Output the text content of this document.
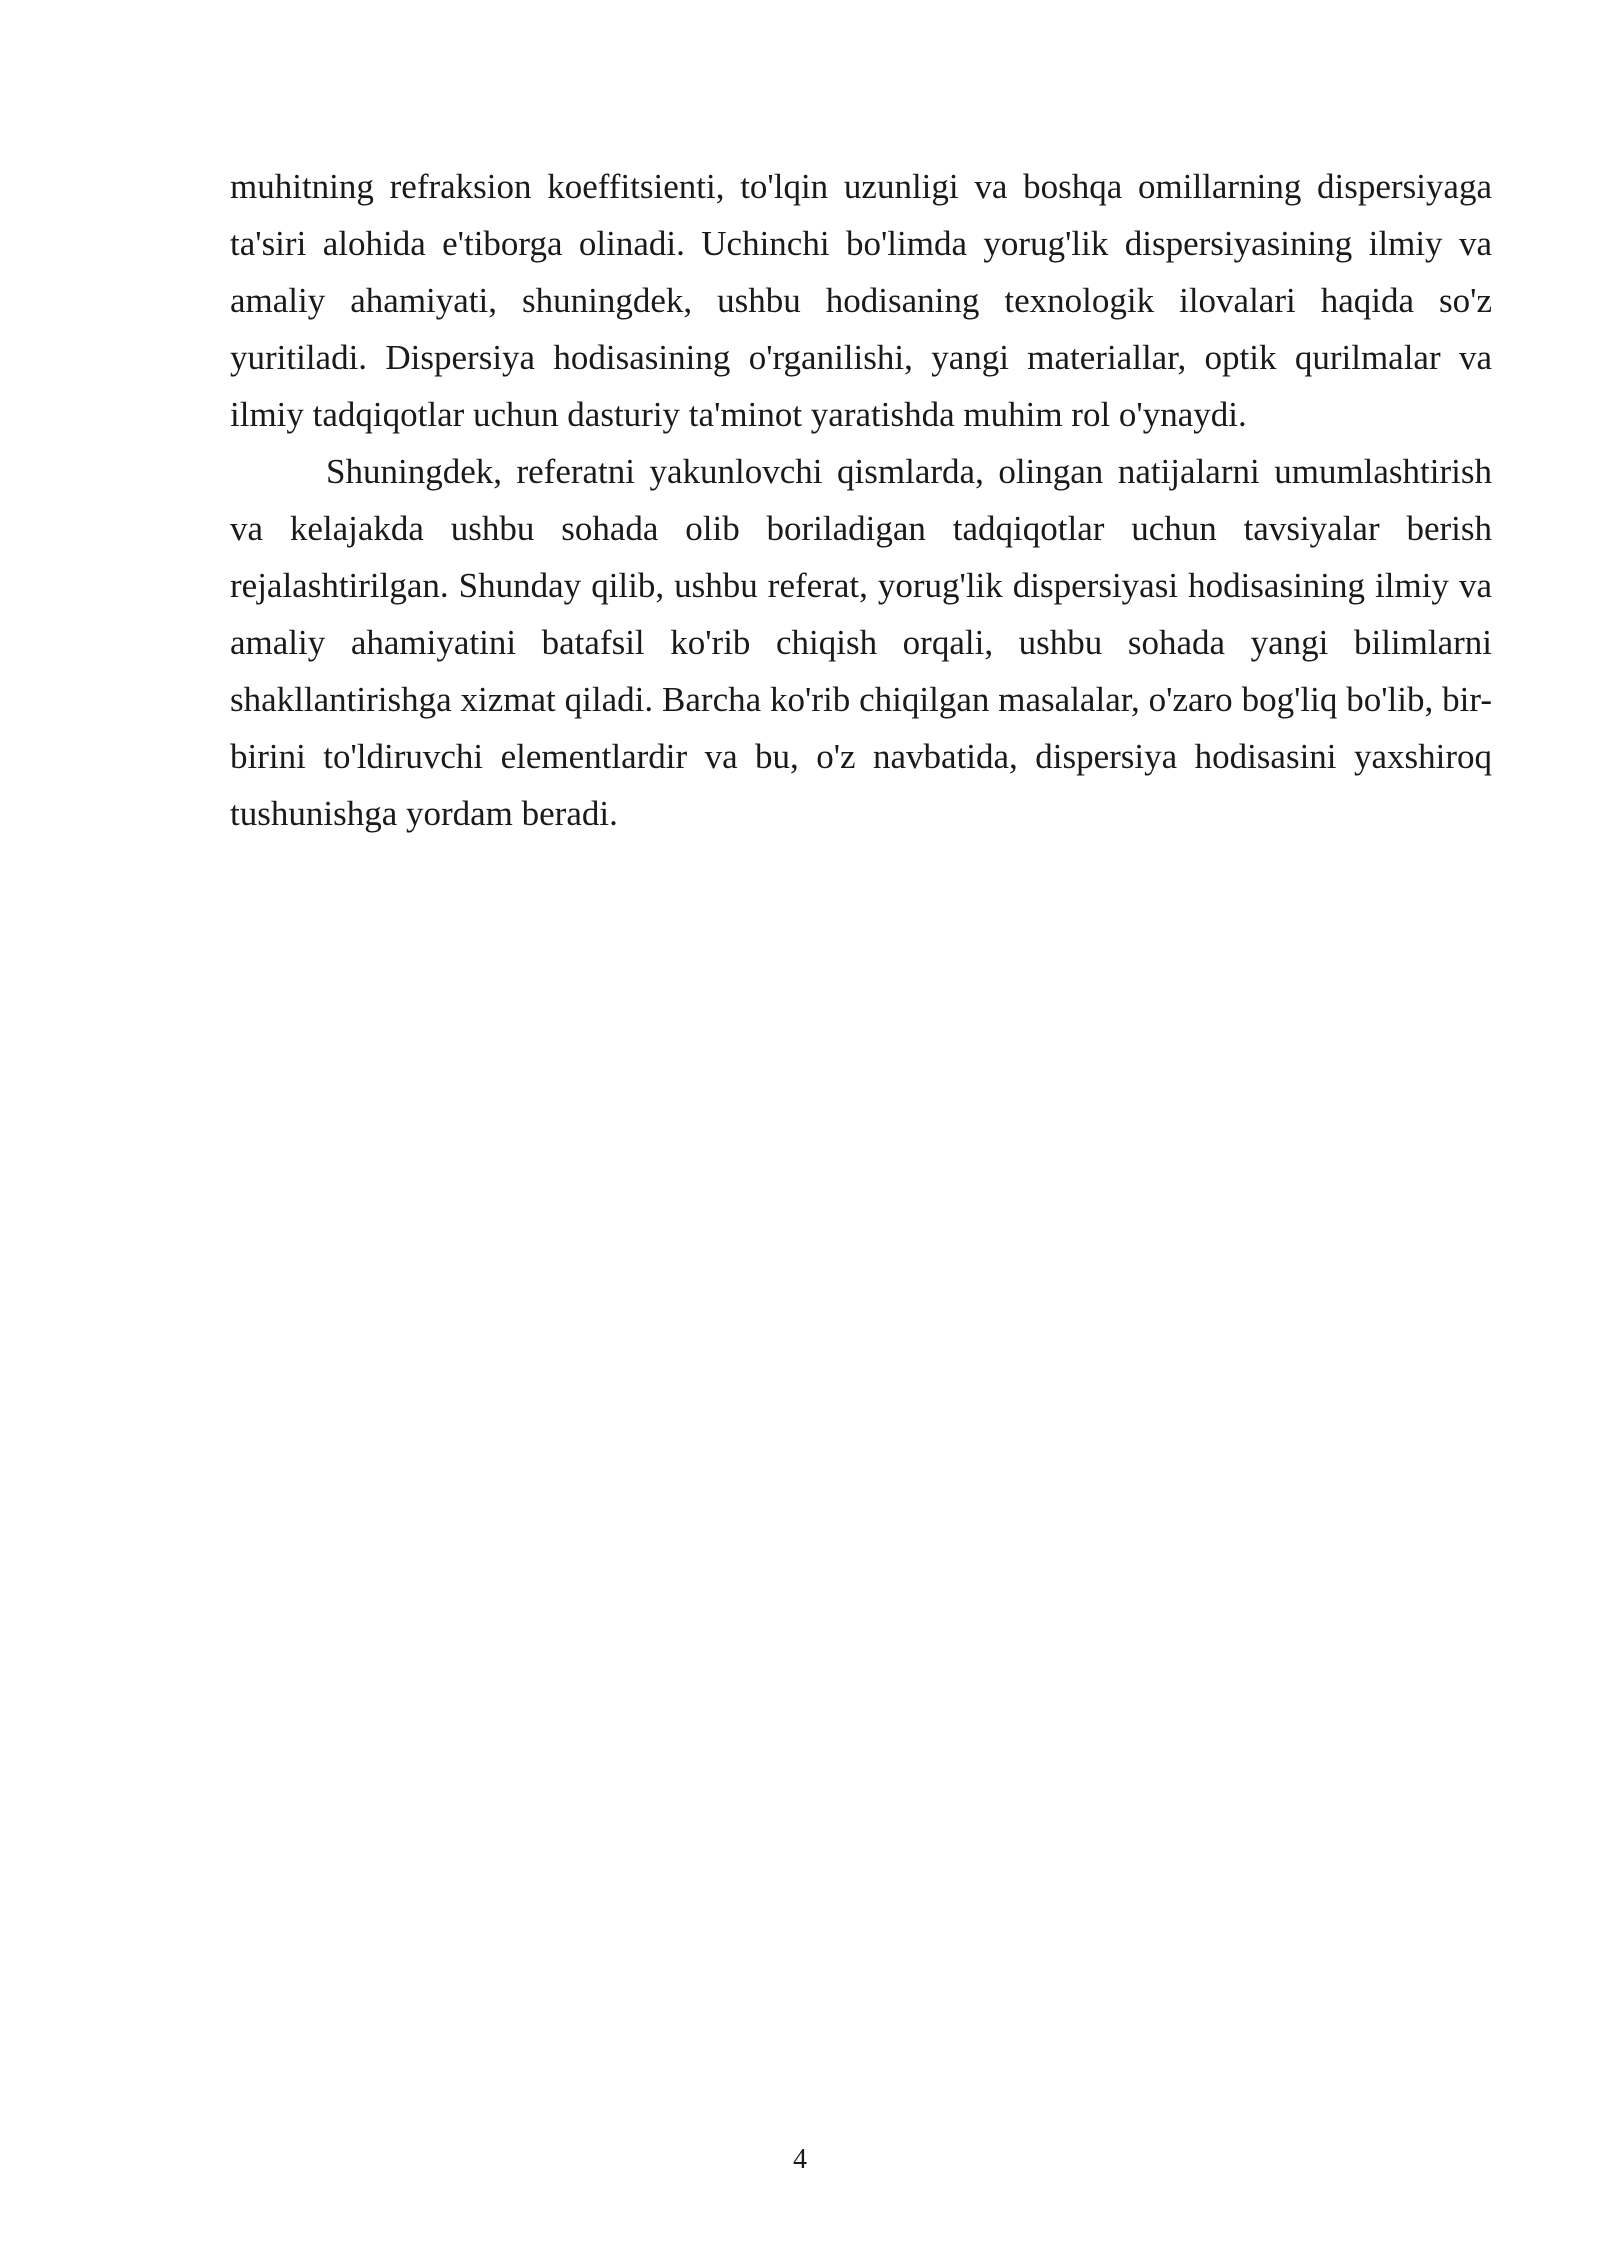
muhitning refraksion koeffitsienti, to'lqin uzunligi va boshqa omillarning dispersiyaga ta'siri alohida e'tiborga olinadi. Uchinchi bo'limda yorug'lik dispersiyasining ilmiy va amaliy ahamiyati, shuningdek, ushbu hodisaning texnologik ilovalari haqida so'z yuritiladi. Dispersiya hodisasining o'rganilishi, yangi materiallar, optik qurilmalar va ilmiy tadqiqotlar uchun dasturiy ta'minot yaratishda muhim rol o'ynaydi.

Shuningdek, referatni yakunlovchi qismlarda, olingan natijalarni umumlashtirish va kelajakda ushbu sohada olib boriladigan tadqiqotlar uchun tavsiyalar berish rejalashtirilgan. Shunday qilib, ushbu referat, yorug'lik dispersiyasi hodisasining ilmiy va amaliy ahamiyatini batafsil ko'rib chiqish orqali, ushbu sohada yangi bilimlarni shakllantirishga xizmat qiladi. Barcha ko'rib chiqilgan masalalar, o'zaro bog'liq bo'lib, bir-birini to'ldiruvchi elementlardir va bu, o'z navbatida, dispersiya hodisasini yaxshiroq tushunishga yordam beradi.

4
